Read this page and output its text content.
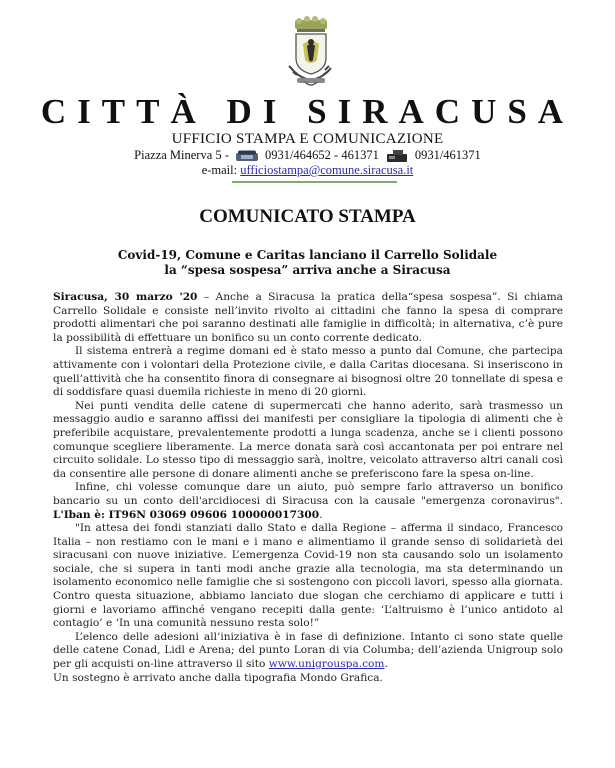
CITTÀ DI SIRACUSA
UFFICIO STAMPA E COMUNICAZIONE
Piazza Minerva 5 -	0931/464652 - 461371	0931/461371
e-mail: ufficiostampa@comune.siracusa.it
COMUNICATO STAMPA
Covid-19, Comune e Caritas lanciano il Carrello Solidale
la “spesa sospesa” arriva anche a Siracusa

Siracusa, 30 marzo '20 – Anche a Siracusa la pratica della“spesa sospesa”. Si chiama Carrello Solidale e consiste nell’invito rivolto ai cittadini che fanno la spesa di comprare prodotti alimentari che poi saranno destinati alle famiglie in difficoltà; in alternativa, c’è pure la possibilità di effettuare un bonifico su un conto corrente dedicato.

Il sistema entrerà a regime domani ed è stato messo a punto dal Comune, che partecipa attivamente con i volontari della Protezione civile, e dalla Caritas diocesana. Si inseriscono in quell’attività che ha consentito finora di consegnare ai bisognosi oltre 20 tonnellate di spesa e di soddisfare quasi duemila richieste in meno di 20 giorni.

Nei punti vendita delle catene di supermercati che hanno aderito, sarà trasmesso un messaggio audio e saranno affissi dei manifesti per consigliare la tipologia di alimenti che è preferibile acquistare, prevalentemente prodotti a lunga scadenza, anche se i clienti possono comunque scegliere liberamente. La merce donata sarà così accantonata per poi entrare nel circuito solidale. Lo stesso tipo di messaggio sarà, inoltre, veicolato attraverso altri canali così da consentire alle persone di donare alimenti anche se preferiscono fare la spesa on-line.

Infine, chi volesse comunque dare un aiuto, può sempre farlo attraverso un bonifico bancario su un conto dell'arcidiocesi di Siracusa con la causale "emergenza coronavirus". L'Iban è: IT96N 03069 09606 100000017300.

"In attesa dei fondi stanziati dallo Stato e dalla Regione – afferma il sindaco, Francesco Italia – non restiamo con le mani e i mano e alimentiamo il grande senso di solidarietà dei siracusani con nuove iniziative. L’emergenza Covid-19 non sta causando solo un isolamento sociale, che si supera in tanti modi anche grazie alla tecnologia, ma sta determinando un isolamento economico nelle famiglie che si sostengono con piccoli lavori, spesso alla giornata. Contro questa situazione, abbiamo lanciato due slogan che cerchiamo di applicare e tutti i giorni e lavoriamo affinché vengano recepiti dalla gente: ‘L’altruismo è l’unico antidoto al contagio’ e ‘In una comunità nessuno resta solo!”

L’elenco delle adesioni all’iniziativa è in fase di definizione. Intanto ci sono state quelle delle catene Conad, Lidl e Arena; del punto Loran di via Columba; dell’azienda Unigroup solo per gli acquisti on-line attraverso il sito www.unigrouspa.com.

Un sostegno è arrivato anche dalla tipografia Mondo Grafica.
